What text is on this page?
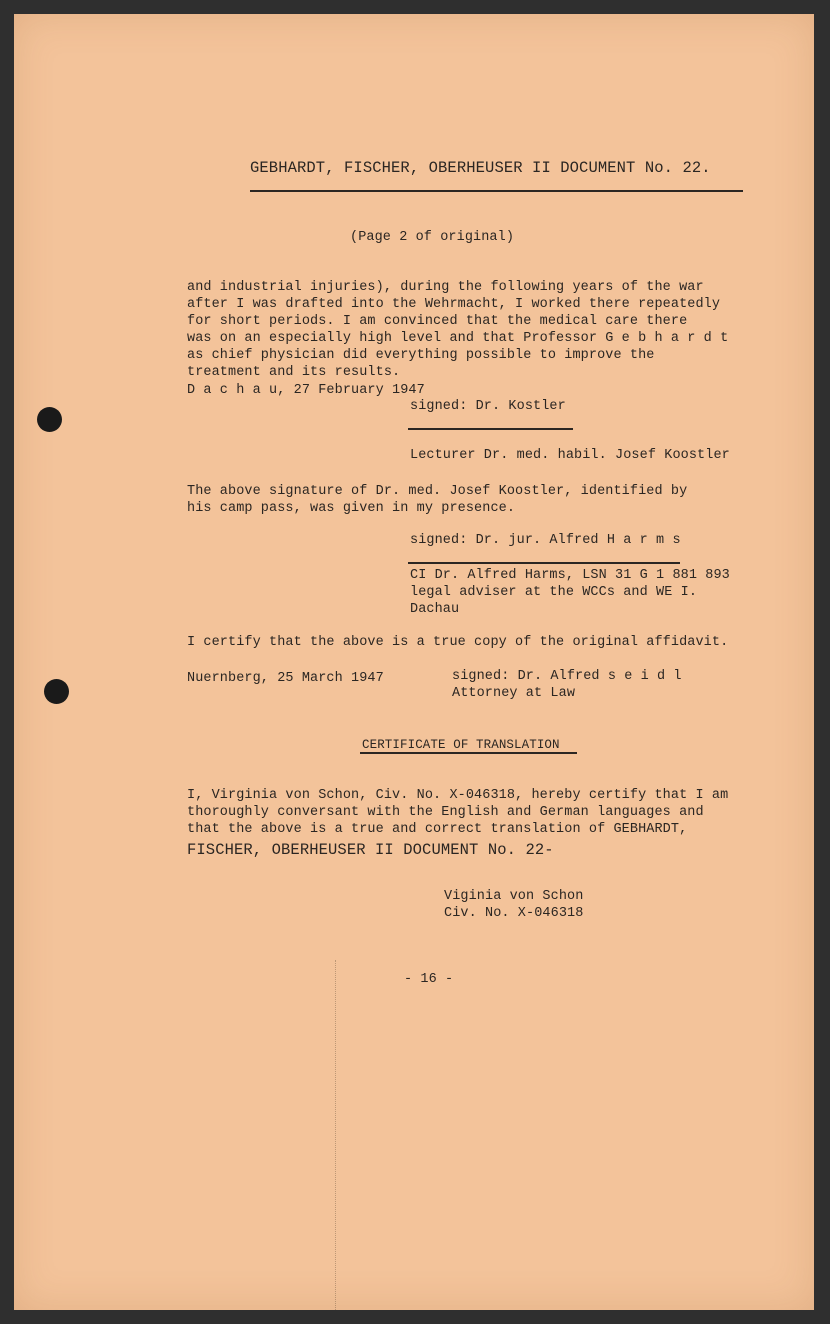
GEBHARDT, FISCHER, OBERHEUSER II DOCUMENT No. 22.
(Page 2 of original)
and industrial injuries), during the following years of the war
after I was drafted into the Wehrmacht, I worked there repeatedly
for short periods. I am convinced that the medical care there
was on an especially high level and that Professor G e b h a r d t
as chief physician did everything possible to improve the
treatment and its results.
D a c h a u, 27 February 1947
signed: Dr. Kostler
Lecturer Dr. med. habil. Josef Koostler
The above signature of Dr. med. Josef Koostler, identified by
his camp pass, was given in my presence.
signed: Dr. jur. Alfred H a r m s
CI Dr. Alfred Harms, LSN 31 G 1 881 893
legal adviser at the WCCs and WE I.
Dachau
I certify that the above is a true copy of the original affidavit.
Nuernberg, 25 March 1947	signed: Dr. Alfred s e i d l
Attorney at Law
CERTIFICATE OF TRANSLATION
I, Virginia von Schon, Civ. No. X-046318, hereby certify that I am
thoroughly conversant with the English and German languages and
that the above is a true and correct translation of GEBHARDT,
FISCHER, OBERHEUSER II DOCUMENT No. 22-
Viginia von Schon
Civ. No. X-046318
- 16 -
